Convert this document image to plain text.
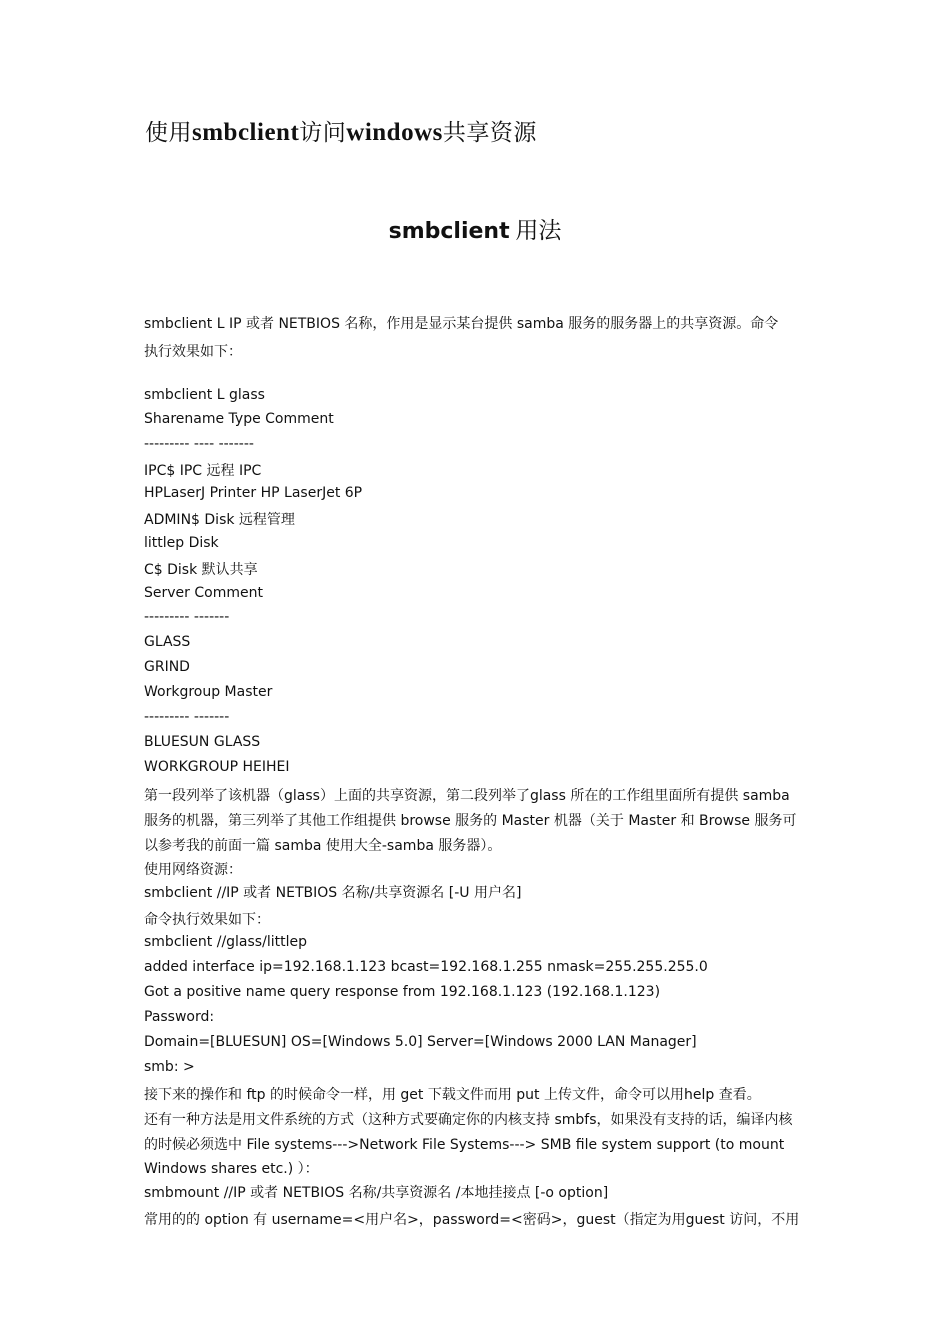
使用smbclient访问windows共享资源
smbclient 用法
smbclient L IP 或者 NETBIOS 名称，作用是显示某台提供 samba 服务的服务器上的共享资源。命令
执行效果如下：
smbclient L glass
Sharename Type Comment
--------- ---- -------
IPC$ IPC 远程 IPC
HPLaserJ Printer HP LaserJet 6P
ADMIN$ Disk 远程管理
littlep Disk
C$ Disk 默认共享
Server Comment
--------- -------
GLASS
GRIND
Workgroup Master
--------- -------
BLUESUN GLASS
WORKGROUP HEIHEI
第一段列举了该机器（glass）上面的共享资源，第二段列举了glass 所在的工作组里面所有提供 samba
服务的机器，第三列举了其他工作组提供 browse 服务的 Master 机器（关于 Master 和 Browse 服务可
以参考我的前面一篇 samba 使用大全-samba 服务器）。
使用网络资源：
smbclient //IP 或者 NETBIOS 名称/共享资源名 [-U 用户名]
命令执行效果如下：
smbclient //glass/littlep
added interface ip=192.168.1.123 bcast=192.168.1.255 nmask=255.255.255.0
Got a positive name query response from 192.168.1.123 (192.168.1.123)
Password:
Domain=[BLUESUN] OS=[Windows 5.0] Server=[Windows 2000 LAN Manager]
smb: >
接下来的操作和 ftp 的时候命令一样，用 get 下载文件而用 put 上传文件，命令可以用help 查看。
还有一种方法是用文件系统的方式（这种方式要确定你的内核支持 smbfs，如果没有支持的话，编译内核
的时候必须选中 File systems--->Network File Systems---> SMB file system support (to mount
Windows shares etc.) ）：
smbmount //IP 或者 NETBIOS 名称/共享资源名 /本地挂接点 [-o option]
常用的的 option 有 username=<用户名>，password=<密码>，guest（指定为用guest 访问，不用
